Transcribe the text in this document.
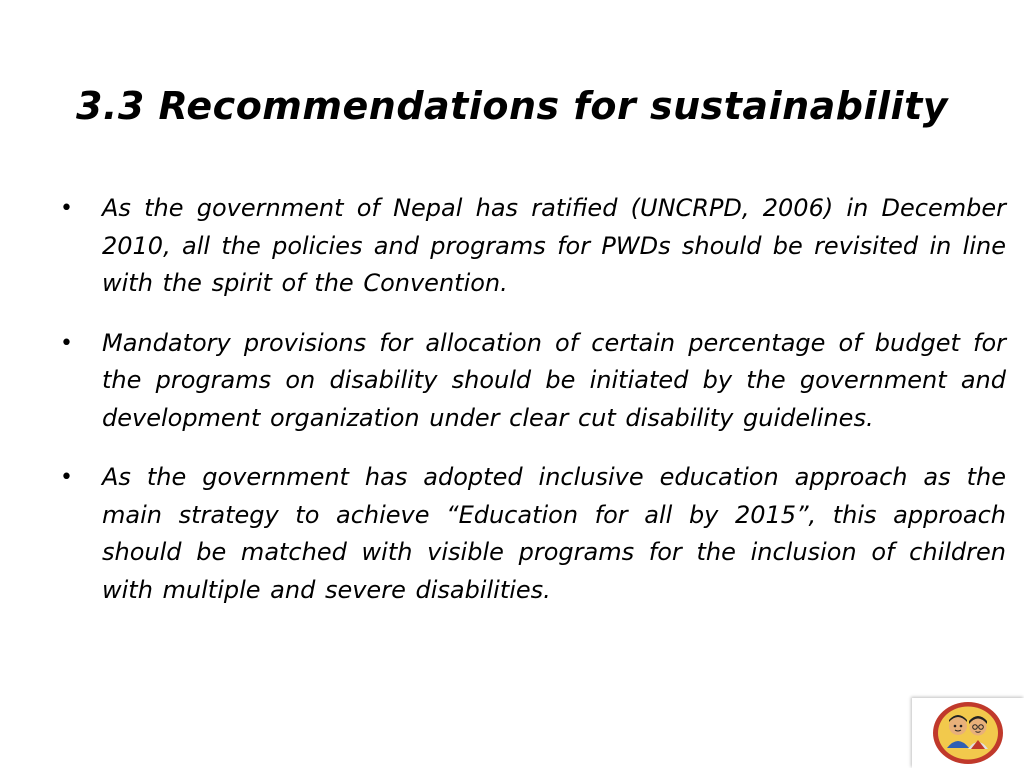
3.3 Recommendations for sustainability
• As the government of Nepal has ratified (UNCRPD, 2006) in December 2010, all the policies and programs for PWDs should be revisited in line with the spirit of the Convention.
• Mandatory provisions for allocation of certain percentage of budget for the programs on disability should be initiated by the government and development organization under clear cut disability guidelines.
• As the government has adopted inclusive education approach as the main strategy to achieve “Education for all by 2015”, this approach should be matched with visible programs for the inclusion of children with multiple and severe disabilities.
